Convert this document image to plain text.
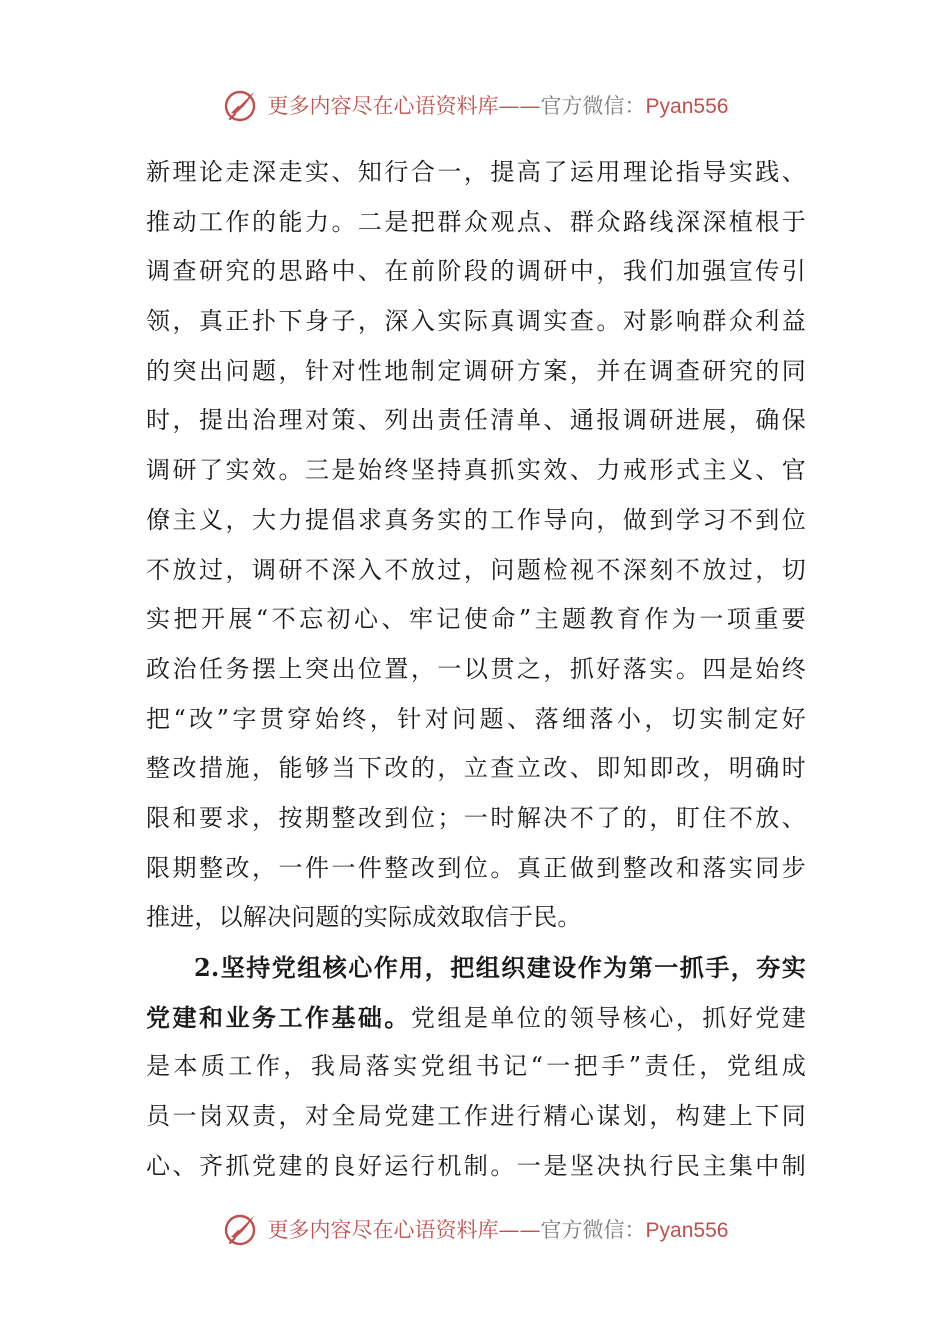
更多内容尽在心语资料库——官方微信：Pyan556
新理论走深走实、知行合一，提高了运用理论指导实践、
推动工作的能力。二是把群众观点、群众路线深深植根于
调查研究的思路中、在前阶段的调研中，我们加强宣传引
领，真正扑下身子，深入实际真调实查。对影响群众利益
的突出问题，针对性地制定调研方案，并在调查研究的同
时，提出治理对策、列出责任清单、通报调研进展，确保
调研了实效。三是始终坚持真抓实效、力戒形式主义、官
僚主义，大力提倡求真务实的工作导向，做到学习不到位
不放过，调研不深入不放过，问题检视不深刻不放过，切
实把开展“不忘初心、牢记使命”主题教育作为一项重要
政治任务摆上突出位置，一以贯之，抓好落实。四是始终
把“改”字贯穿始终，针对问题、落细落小，切实制定好
整改措施，能够当下改的，立查立改、即知即改，明确时
限和要求，按期整改到位；一时解决不了的，盯住不放、
限期整改，一件一件整改到位。真正做到整改和落实同步
推进，以解决问题的实际成效取信于民。
2.坚持党组核心作用，把组织建设作为第一抓手，夯实
党建和业务工作基础。党组是单位的领导核心，抓好党建
是本质工作，我局落实党组书记“一把手”责任，党组成
员一岗双责，对全局党建工作进行精心谋划，构建上下同
心、齐抓党建的良好运行机制。一是坚决执行民主集中制
更多内容尽在心语资料库——官方微信：Pyan556
